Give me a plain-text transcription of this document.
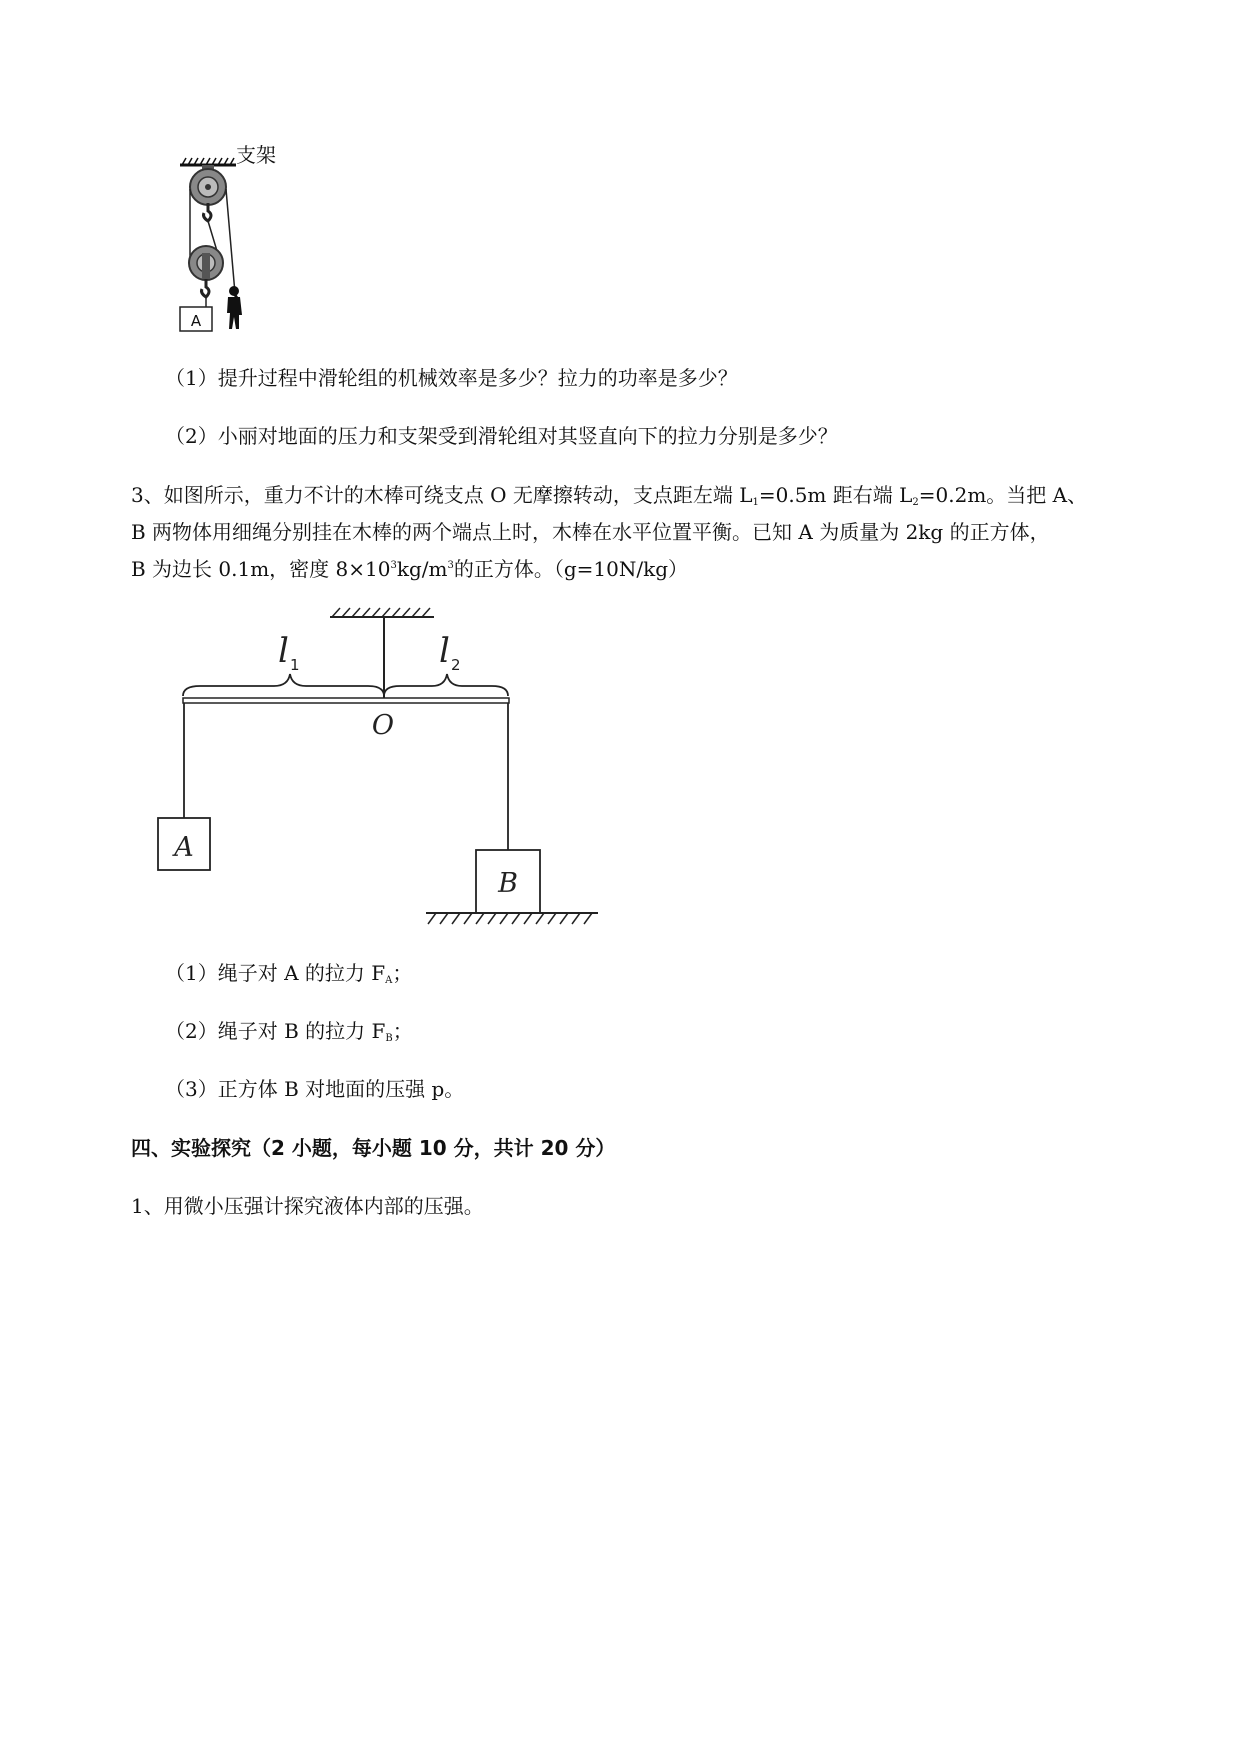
A
支架
（1）提升过程中滑轮组的机械效率是多少？拉力的功率是多少？
（2）小丽对地面的压力和支架受到滑轮组对其竖直向下的拉力分别是多少？
3、如图所示，重力不计的木棒可绕支点 O 无摩擦转动，支点距左端 $L_1=0.5m$ 距右端 $L_2=0.2m$。当把 A、
B 两物体用细绳分别挂在木棒的两个端点上时，木棒在水平位置平衡。已知 A 为质量为 2kg 的正方体，
B 为边长 0.1m，密度 $8\times 10^3kg/m^3$的正方体。（g=10N/kg）
l 1	l 2
O
A
B
（1）绳子对 A 的拉力 $F_A$；
（2）绳子对 B 的拉力 $F_B$；
（3）正方体 B 对地面的压强 p。
四、实验探究（2 小题，每小题 10 分，共计 20 分）
1、用微小压强计探究液体内部的压强。
